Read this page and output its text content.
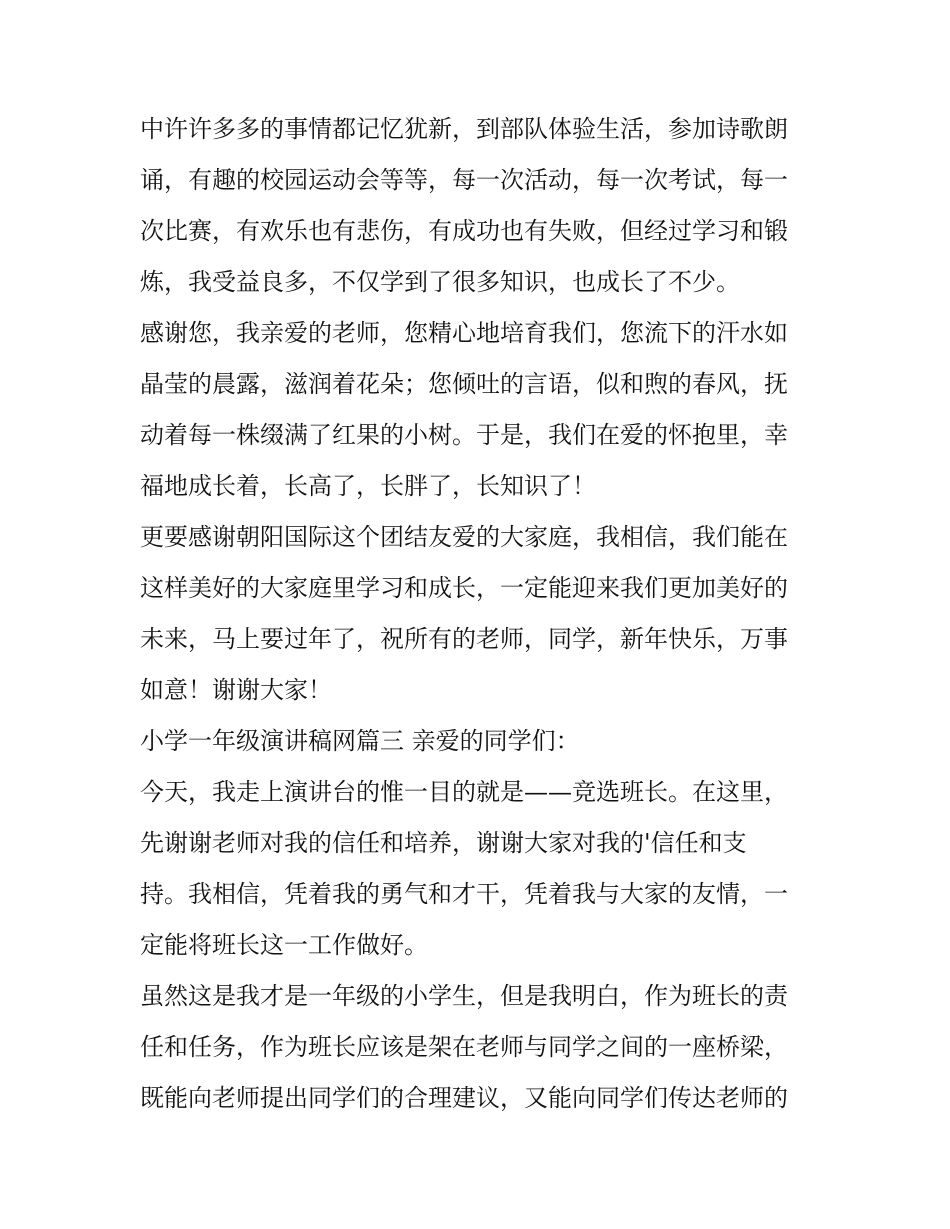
中许许多多的事情都记忆犹新，到部队体验生活，参加诗歌朗
诵，有趣的校园运动会等等，每一次活动，每一次考试，每一
次比赛，有欢乐也有悲伤，有成功也有失败，但经过学习和锻
炼，我受益良多，不仅学到了很多知识，也成长了不少。
感谢您，我亲爱的老师，您精心地培育我们，您流下的汗水如
晶莹的晨露，滋润着花朵；您倾吐的言语，似和煦的春风，抚
动着每一株缀满了红果的小树。于是，我们在爱的怀抱里，幸
福地成长着，长高了，长胖了，长知识了！
更要感谢朝阳国际这个团结友爱的大家庭，我相信，我们能在
这样美好的大家庭里学习和成长，一定能迎来我们更加美好的
未来，马上要过年了，祝所有的老师，同学，新年快乐，万事
如意！谢谢大家！
小学一年级演讲稿网篇三 亲爱的同学们：
今天，我走上演讲台的惟一目的就是——竞选班长。在这里，
先谢谢老师对我的信任和培养，谢谢大家对我的'信任和支
持。我相信，凭着我的勇气和才干，凭着我与大家的友情，一
定能将班长这一工作做好。
虽然这是我才是一年级的小学生，但是我明白，作为班长的责
任和任务，作为班长应该是架在老师与同学之间的一座桥梁，
既能向老师提出同学们的合理建议，又能向同学们传达老师的
